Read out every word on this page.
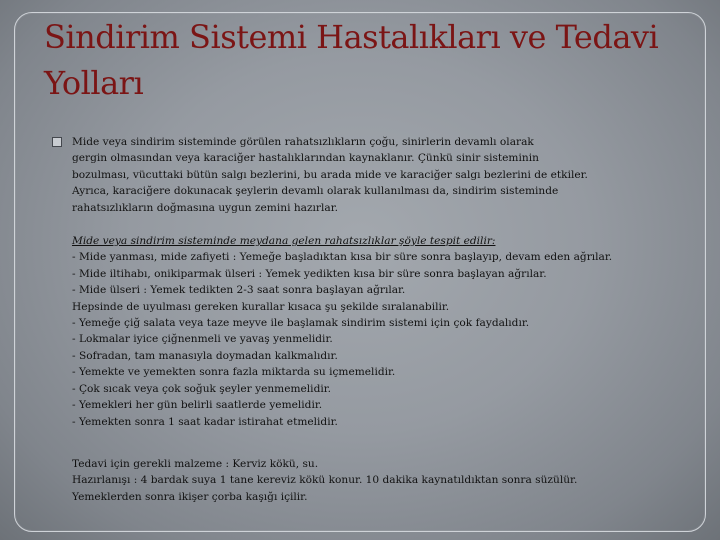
Sindirim Sistemi Hastalıkları ve Tedavi Yolları
Mide veya sindirim sisteminde görülen rahatsızlıkların çoğu, sinirlerin devamlı olarak
gergin olmasından veya karaciğer hastalıklarından kaynaklanır. Çünkü sinir sisteminin
bozulması, vücuttaki bütün salgı bezlerini, bu arada mide ve karaciğer salgı bezlerini de etkiler.
Ayrıca, karaciğere dokunacak şeylerin devamlı olarak kullanılması da, sindirim sisteminde
rahatsızlıkların doğmasına uygun zemini hazırlar.
Mide veya sindirim sisteminde meydana gelen rahatsızlıklar şöyle tespit edilir:
- Mide yanması, mide zafiyeti : Yemeğe başladıktan kısa bir süre sonra başlayıp, devam eden ağrılar.
- Mide iltihabı, onikiparmak ülseri : Yemek yedikten kısa bir süre sonra başlayan ağrılar.
- Mide ülseri : Yemek tedikten 2-3 saat sonra başlayan ağrılar.
Hepsinde de uyulması gereken kurallar kısaca şu şekilde sıralanabilir.
- Yemeğe çiğ salata veya taze meyve ile başlamak sindirim sistemi için çok faydalıdır.
- Lokmalar iyice çiğnenmeli ve yavaş yenmelidir.
- Sofradan, tam manasıyla doymadan kalkmalıdır.
- Yemekte ve yemekten sonra fazla miktarda su içmemelidir.
- Çok sıcak veya çok soğuk şeyler yenmemelidir.
- Yemekleri her gün belirli saatlerde yemelidir.
- Yemekten sonra 1 saat kadar istirahat etmelidir.
Tedavi için gerekli malzeme : Kerviz kökü, su.
Hazırlanışı : 4 bardak suya 1 tane kereviz kökü konur. 10 dakika kaynatıldıktan sonra süzülür.
Yemeklerden sonra ikişer çorba kaşığı içilir.
